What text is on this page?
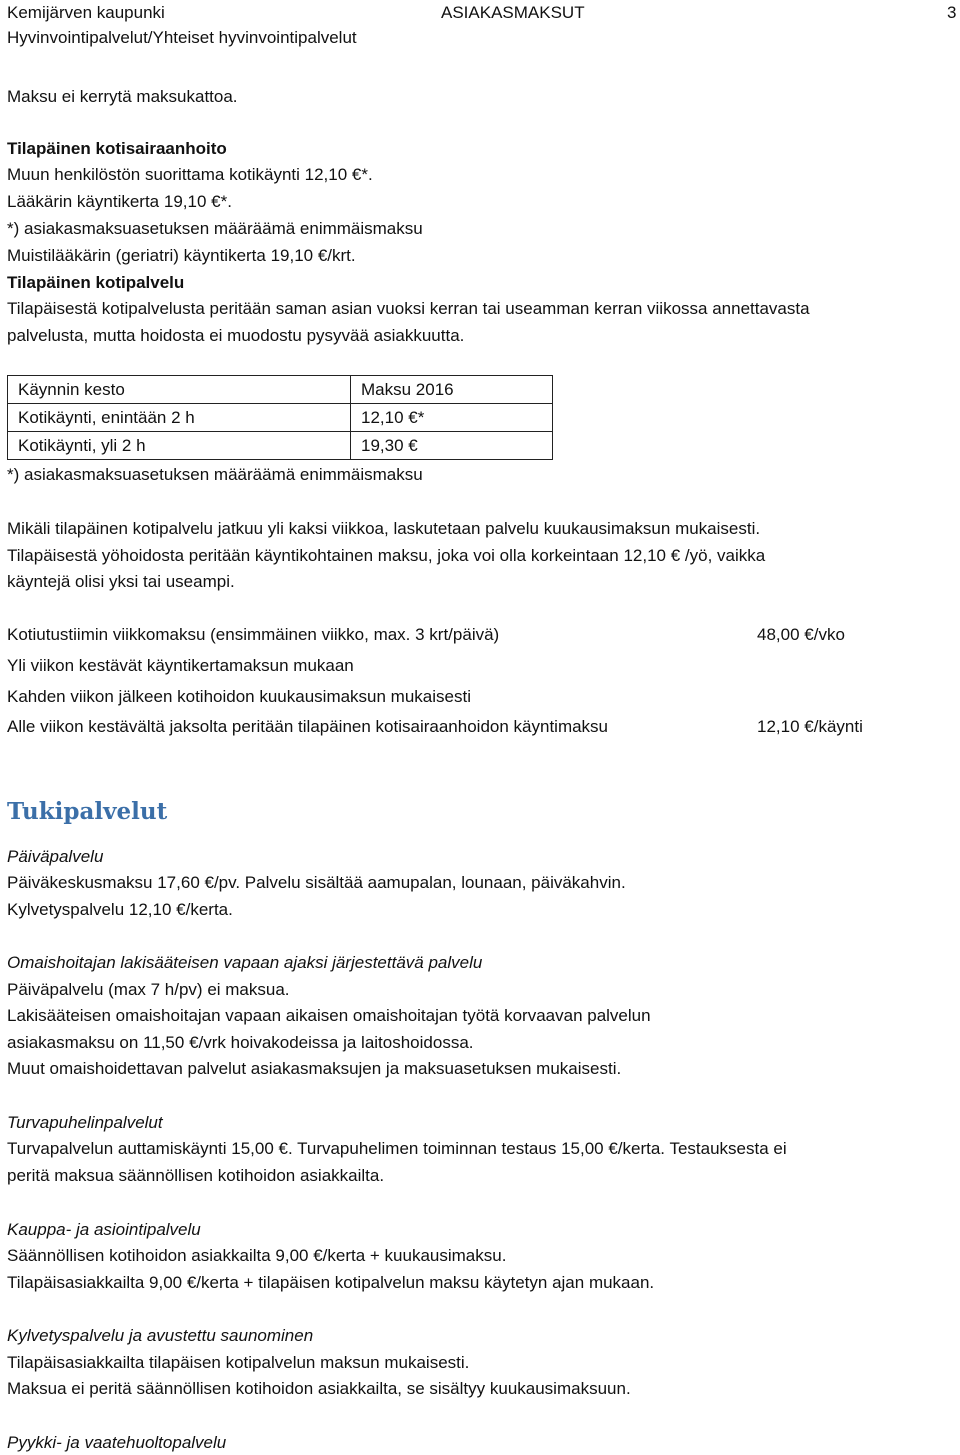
Kemijärven kaupunki
Hyvinvointipalvelut/Yhteiset hyvinvointipalvelut
ASIAKASMAKSUT	3
Maksu ei kerrytä maksukattoa.
Tilapäinen kotisairaanhoito
Muun henkilöstön suorittama kotikäynti 12,10 €*.
Lääkärin käyntikerta 19,10 €*.
*) asiakasmaksuasetuksen määräämä enimmäismaksu
Muistilääkärin (geriatri) käyntikerta 19,10 €/krt.
Tilapäinen kotipalvelu
Tilapäisestä kotipalvelusta peritään saman asian vuoksi kerran tai useamman kerran viikossa annettavasta
palvelusta, mutta hoidosta ei muodostu pysyvää asiakkuutta.
Käynnin kesto	Maksu 2016
Kotikäynti, enintään 2 h	12,10 €*
Kotikäynti, yli 2 h	19,30 €
*) asiakasmaksuasetuksen määräämä enimmäismaksu
Mikäli tilapäinen kotipalvelu jatkuu yli kaksi viikkoa, laskutetaan palvelu kuukausimaksun mukaisesti.
Tilapäisestä yöhoidosta peritään käyntikohtainen maksu, joka voi olla korkeintaan 12,10 € /yö, vaikka
käyntejä olisi yksi tai useampi.
Kotiutustiimin viikkomaksu (ensimmäinen viikko, max. 3 krt/päivä)	48,00 €/vko
Yli viikon kestävät käyntikertamaksun mukaan
Kahden viikon jälkeen kotihoidon kuukausimaksun mukaisesti
Alle viikon kestävältä jaksolta peritään tilapäinen kotisairaanhoidon käyntimaksu	12,10 €/käynti
Tukipalvelut
Päiväpalvelu
Päiväkeskusmaksu 17,60 €/pv. Palvelu sisältää aamupalan, lounaan, päiväkahvin.
Kylvetyspalvelu 12,10 €/kerta.
Omaishoitajan lakisääteisen vapaan ajaksi järjestettävä palvelu
Päiväpalvelu (max 7 h/pv) ei maksua.
Lakisääteisen omaishoitajan vapaan aikaisen omaishoitajan työtä korvaavan palvelun
asiakasmaksu on 11,50 €/vrk hoivakodeissa ja laitoshoidossa.
Muut omaishoidettavan palvelut asiakasmaksujen ja maksuasetuksen mukaisesti.
Turvapuhelinpalvelut
Turvapalvelun auttamiskäynti 15,00 €. Turvapuhelimen toiminnan testaus 15,00 €/kerta. Testauksesta ei
peritä maksua säännöllisen kotihoidon asiakkailta.
Kauppa- ja asiointipalvelu
Säännöllisen kotihoidon asiakkailta 9,00 €/kerta + kuukausimaksu.
Tilapäisasiakkailta 9,00 €/kerta + tilapäisen kotipalvelun maksu käytetyn ajan mukaan.
Kylvetyspalvelu ja avustettu saunominen
Tilapäisasiakkailta tilapäisen kotipalvelun maksun mukaisesti.
Maksua ei peritä säännöllisen kotihoidon asiakkailta, se sisältyy kuukausimaksuun.
Pyykki- ja vaatehuoltopalvelu
